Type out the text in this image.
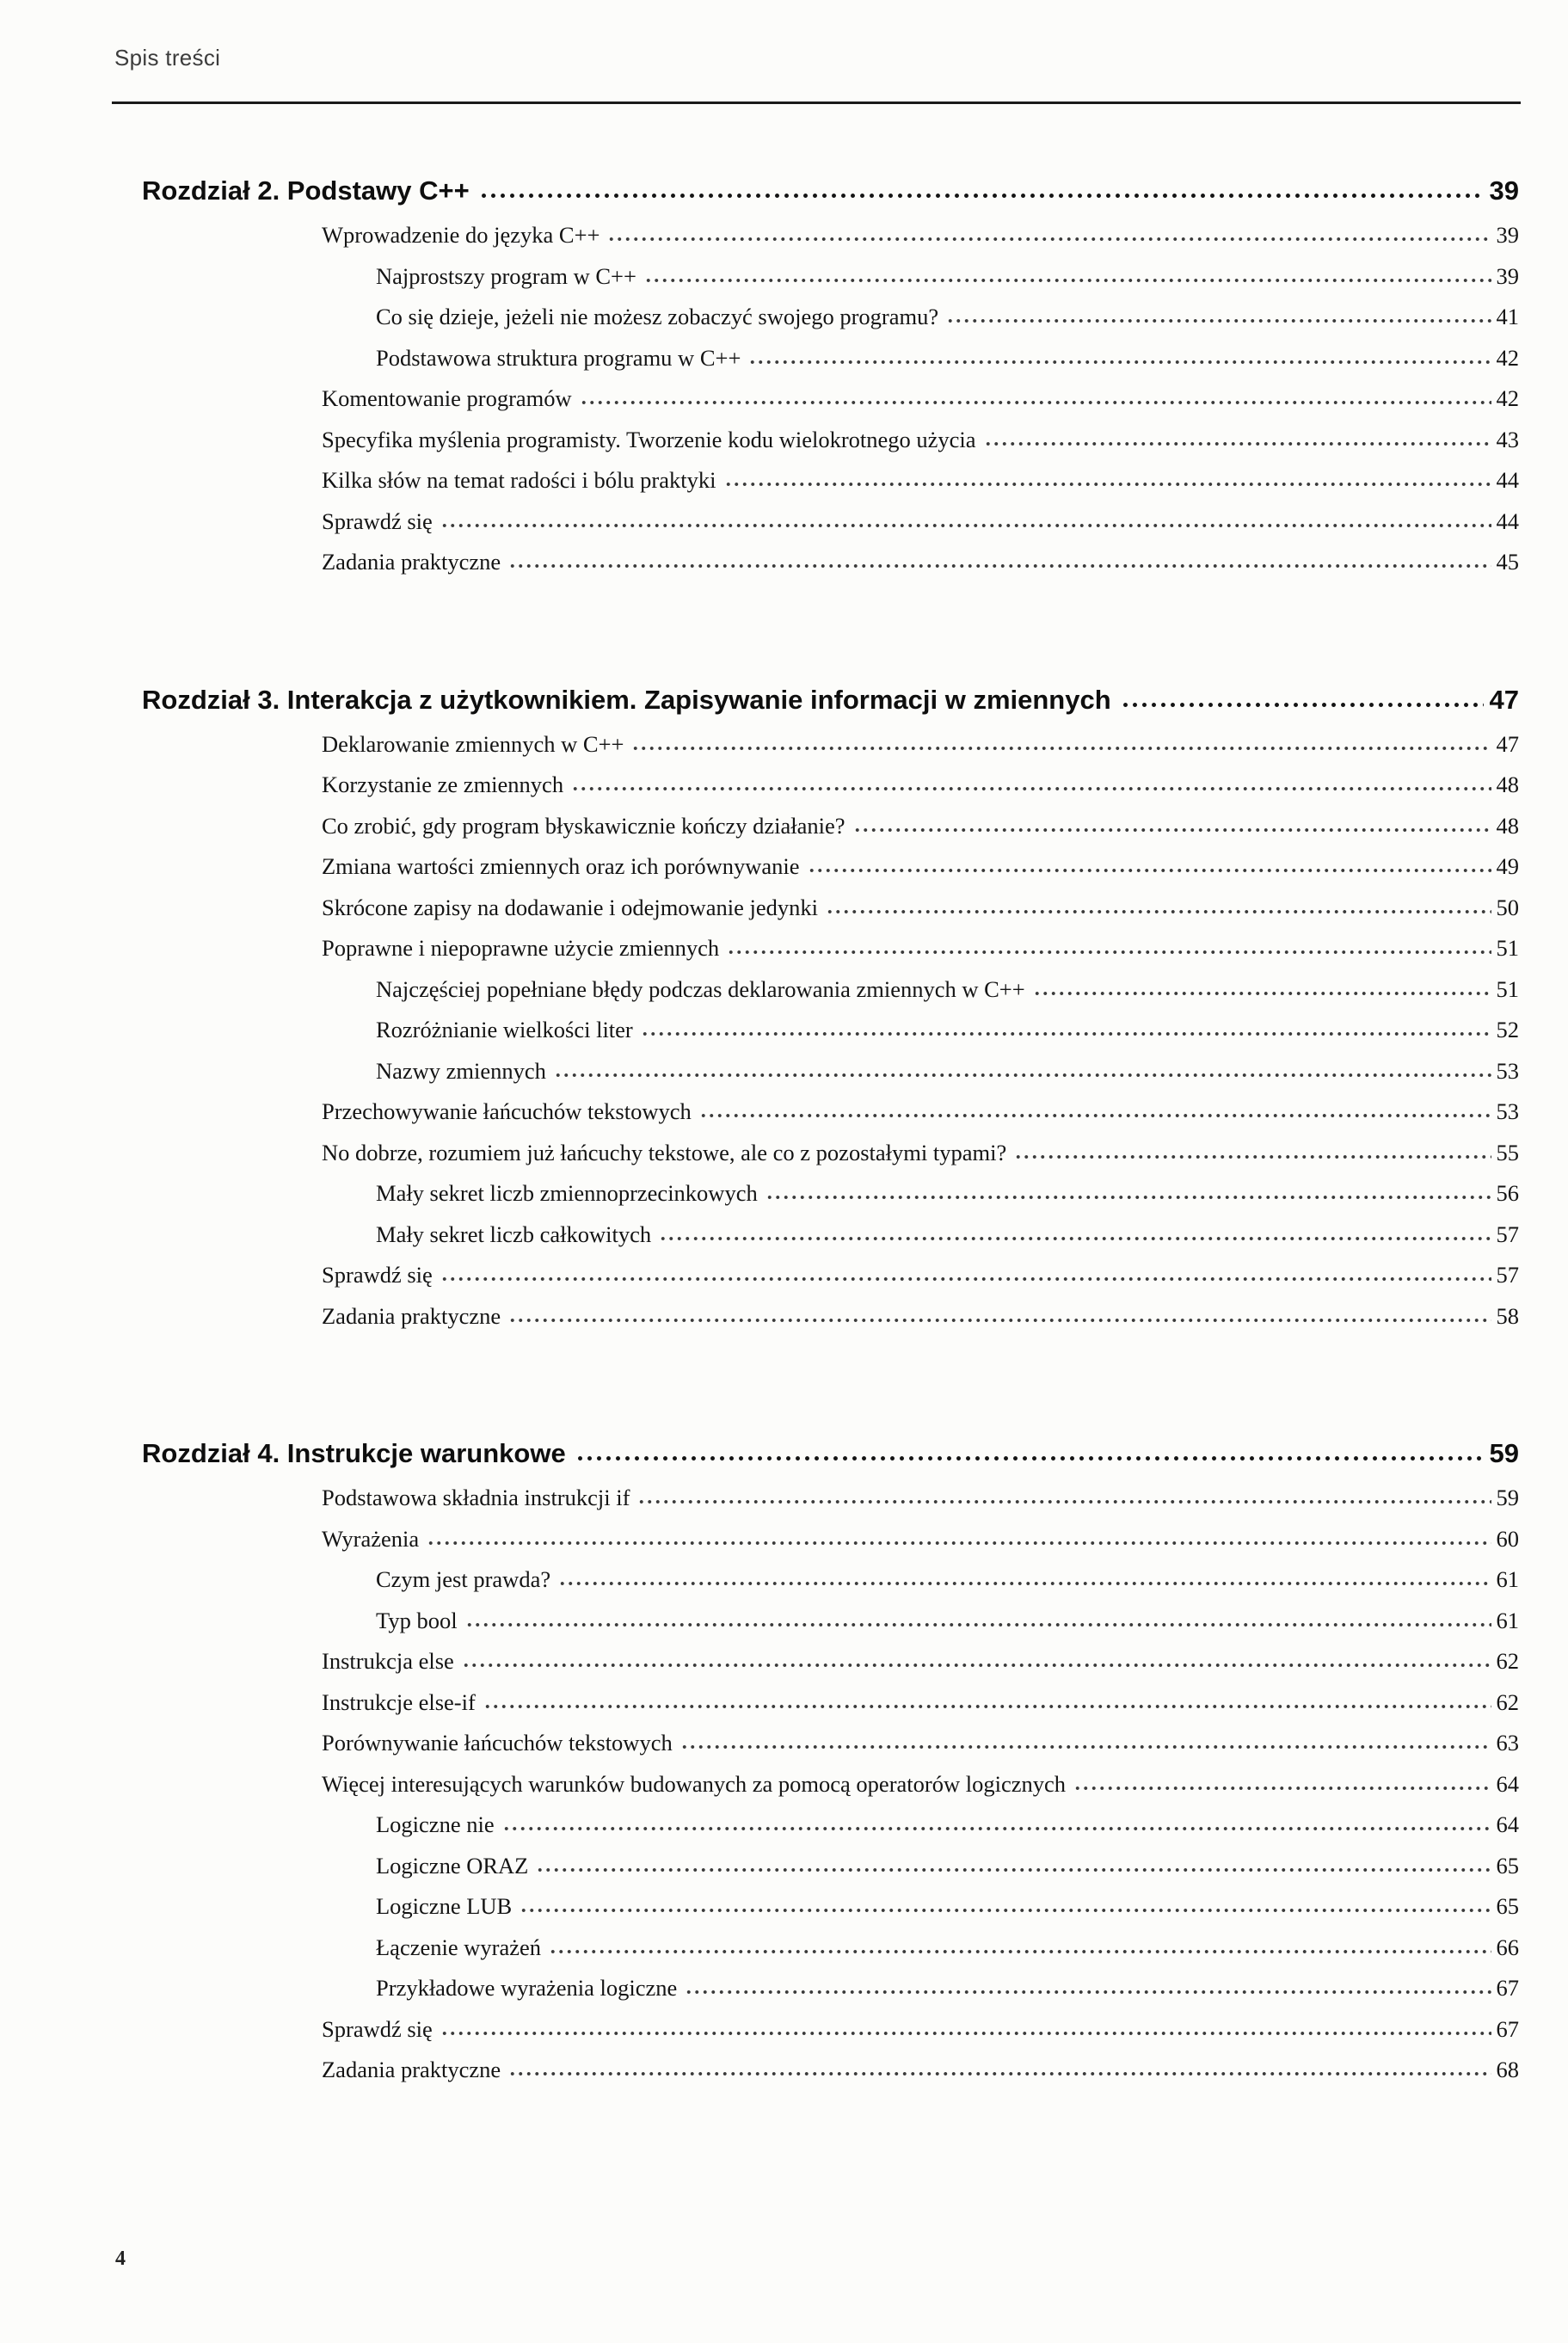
Spis treści
Rozdział 2. Podstawy C++	39
Wprowadzenie do języka C++	39
Najprostszy program w C++	39
Co się dzieje, jeżeli nie możesz zobaczyć swojego programu?	41
Podstawowa struktura programu w C++	42
Komentowanie programów	42
Specyfika myślenia programisty. Tworzenie kodu wielokrotnego użycia	43
Kilka słów na temat radości i bólu praktyki	44
Sprawdź się	44
Zadania praktyczne	45
Rozdział 3. Interakcja z użytkownikiem. Zapisywanie informacji w zmiennych	47
Deklarowanie zmiennych w C++	47
Korzystanie ze zmiennych	48
Co zrobić, gdy program błyskawicznie kończy działanie?	48
Zmiana wartości zmiennych oraz ich porównywanie	49
Skrócone zapisy na dodawanie i odejmowanie jedynki	50
Poprawne i niepoprawne użycie zmiennych	51
Najczęściej popełniane błędy podczas deklarowania zmiennych w C++	51
Rozróżnianie wielkości liter	52
Nazwy zmiennych	53
Przechowywanie łańcuchów tekstowych	53
No dobrze, rozumiem już łańcuchy tekstowe, ale co z pozostałymi typami?	55
Mały sekret liczb zmiennoprzecinkowych	56
Mały sekret liczb całkowitych	57
Sprawdź się	57
Zadania praktyczne	58
Rozdział 4. Instrukcje warunkowe	59
Podstawowa składnia instrukcji if	59
Wyrażenia	60
Czym jest prawda?	61
Typ bool	61
Instrukcja else	62
Instrukcje else-if	62
Porównywanie łańcuchów tekstowych	63
Więcej interesujących warunków budowanych za pomocą operatorów logicznych	64
Logiczne nie	64
Logiczne ORAZ	65
Logiczne LUB	65
Łączenie wyrażeń	66
Przykładowe wyrażenia logiczne	67
Sprawdź się	67
Zadania praktyczne	68
4
